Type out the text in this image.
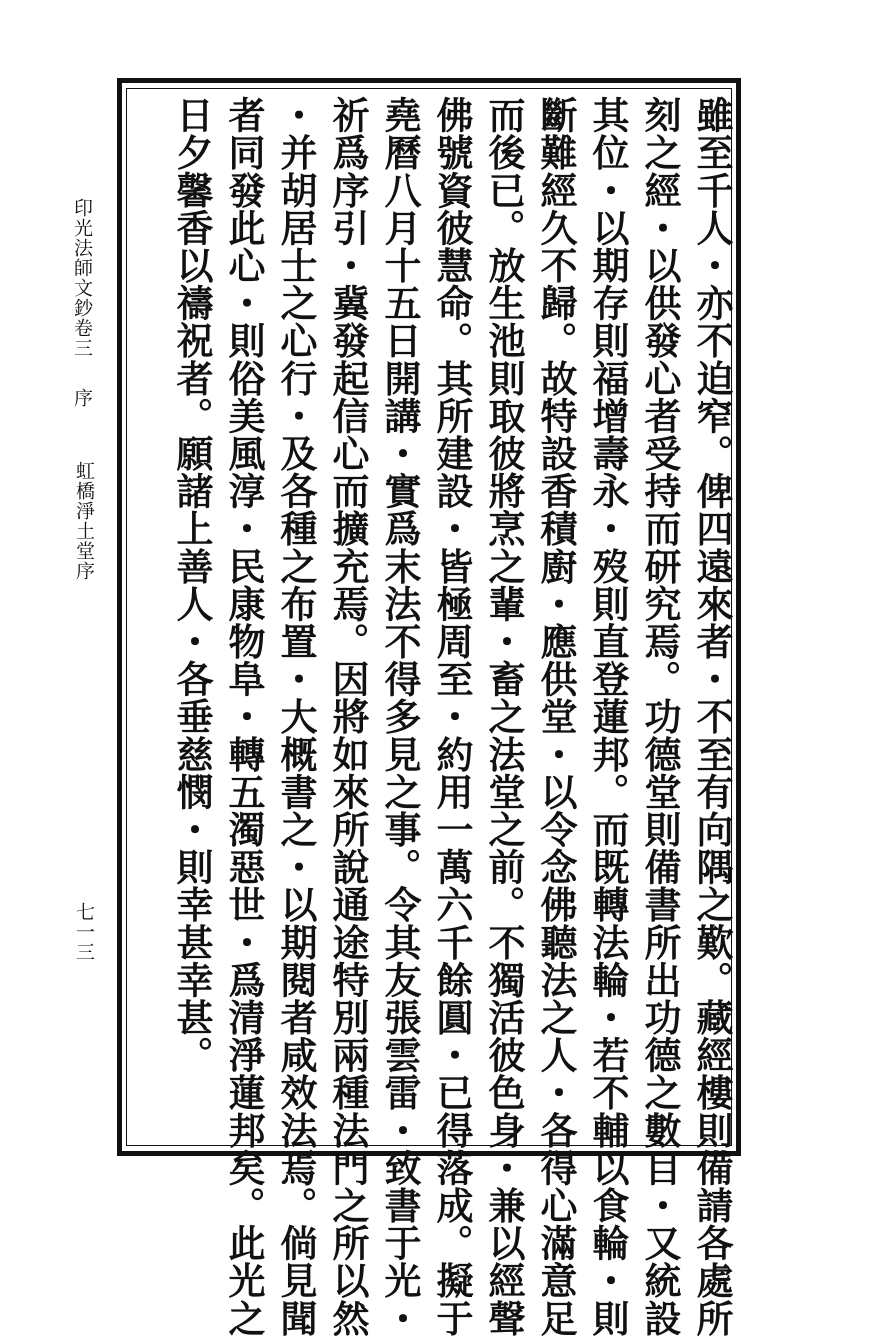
印光法師文鈔卷三
序
虹橋淨土堂序
七一三	雖至千人・亦不迫窄。俾四遠來者・不至有向隅之歎。藏經樓則備請各處所
刻之經・以供發心者受持而研究焉。功德堂則備書所出功德之數目・又統設
其位・以期存則福增壽永・歿則直登蓮邦。而既轉法輪・若不輔以食輪・則
斷難經久不歸。故特設香積廚・應供堂・以令念佛聽法之人・各得心滿意足
而後已。放生池則取彼將烹之輩・畜之法堂之前。不獨活彼色身・兼以經聲
佛號資彼慧命。其所建設・皆極周至・約用一萬六千餘圓・已得落成。擬于
堯曆八月十五日開講・實爲末法不得多見之事。令其友張雲雷・致書于光・
祈爲序引・冀發起信心而擴充焉。因將如來所說通途特別兩種法門之所以然
・并胡居士之心行・及各種之布置・大概書之・以期閱者咸效法焉。倘見聞
者同發此心・則俗美風淳・民康物阜・轉五濁惡世・爲清淨蓮邦矣。此光之
日夕馨香以禱祝者。願諸上善人・各垂慈憫・則幸甚幸甚。
